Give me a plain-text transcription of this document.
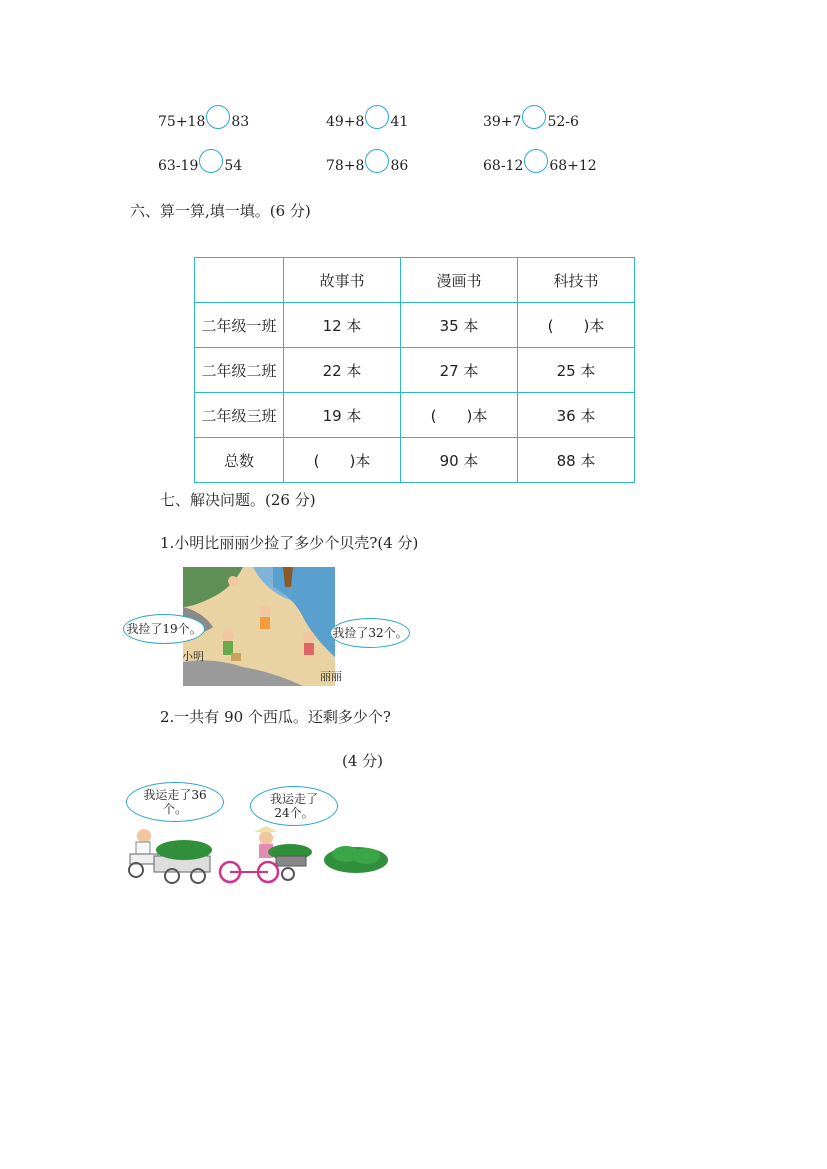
75+18 83	49+8 41	39+7 52-6
63-19 54	78+8 86	68-12 68+12
六、算一算,填一填。(6 分)
	故事书	漫画书	科技书
二年级一班	12 本	35 本	(　　)本
二年级二班	22 本	27 本	25 本
二年级三班	19 本	(　　)本	36 本
总数	(　　)本	90 本	88 本
七、解决问题。(26 分)
1.小明比丽丽少捡了多少个贝壳?(4 分)
我捡了19个。	我捡了32个。
小明
丽丽
2.一共有 90 个西瓜。还剩多少个?
(4 分)
我运走了36个。
我运走了24个。
